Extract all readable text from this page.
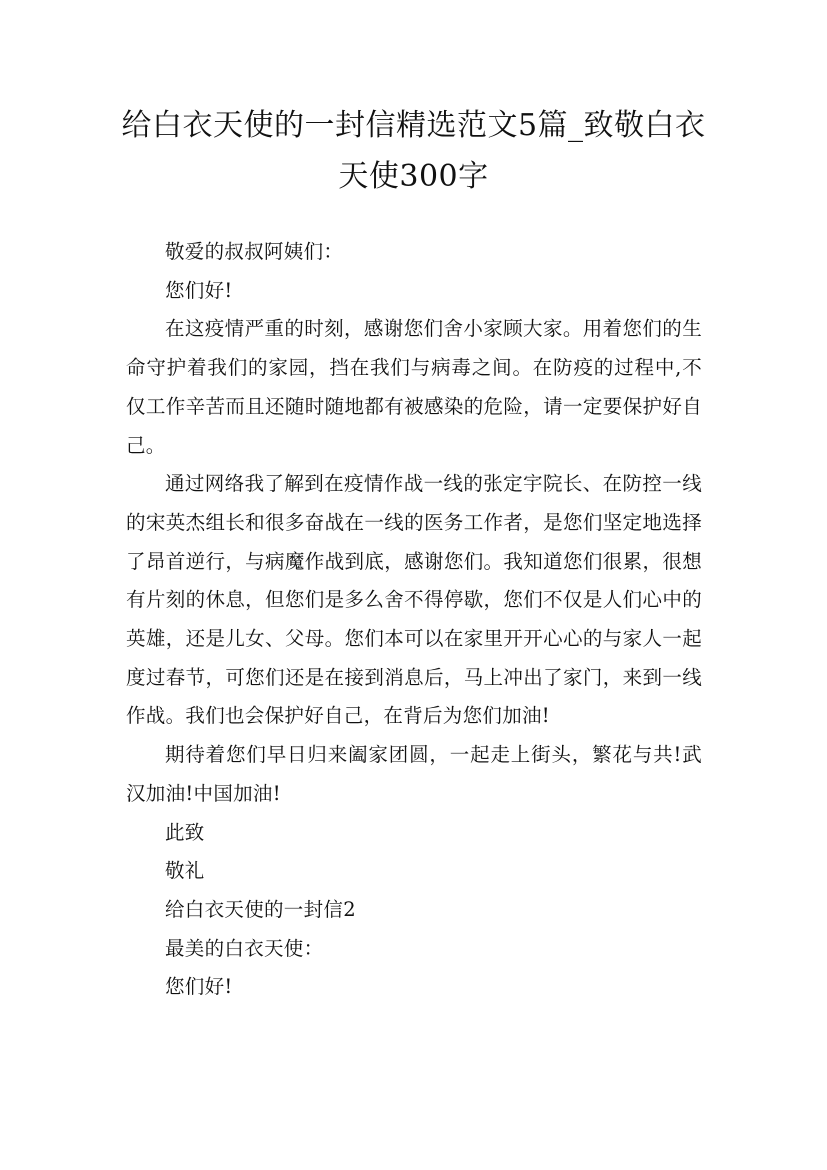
给白衣天使的一封信精选范文5篇_致敬白衣天使300字

敬爱的叔叔阿姨们：

您们好!

在这疫情严重的时刻，感谢您们舍小家顾大家。用着您们的生命守护着我们的家园，挡在我们与病毒之间。在防疫的过程中,不仅工作辛苦而且还随时随地都有被感染的危险，请一定要保护好自己。

通过网络我了解到在疫情作战一线的张定宇院长、在防控一线的宋英杰组长和很多奋战在一线的医务工作者，是您们坚定地选择了昂首逆行，与病魔作战到底，感谢您们。我知道您们很累，很想有片刻的休息，但您们是多么舍不得停歇，您们不仅是人们心中的英雄，还是儿女、父母。您们本可以在家里开开心心的与家人一起度过春节，可您们还是在接到消息后，马上冲出了家门，来到一线作战。我们也会保护好自己，在背后为您们加油!

期待着您们早日归来阖家团圆，一起走上街头，繁花与共!武汉加油!中国加油!

此致

敬礼

给白衣天使的一封信2

最美的白衣天使：

您们好!
